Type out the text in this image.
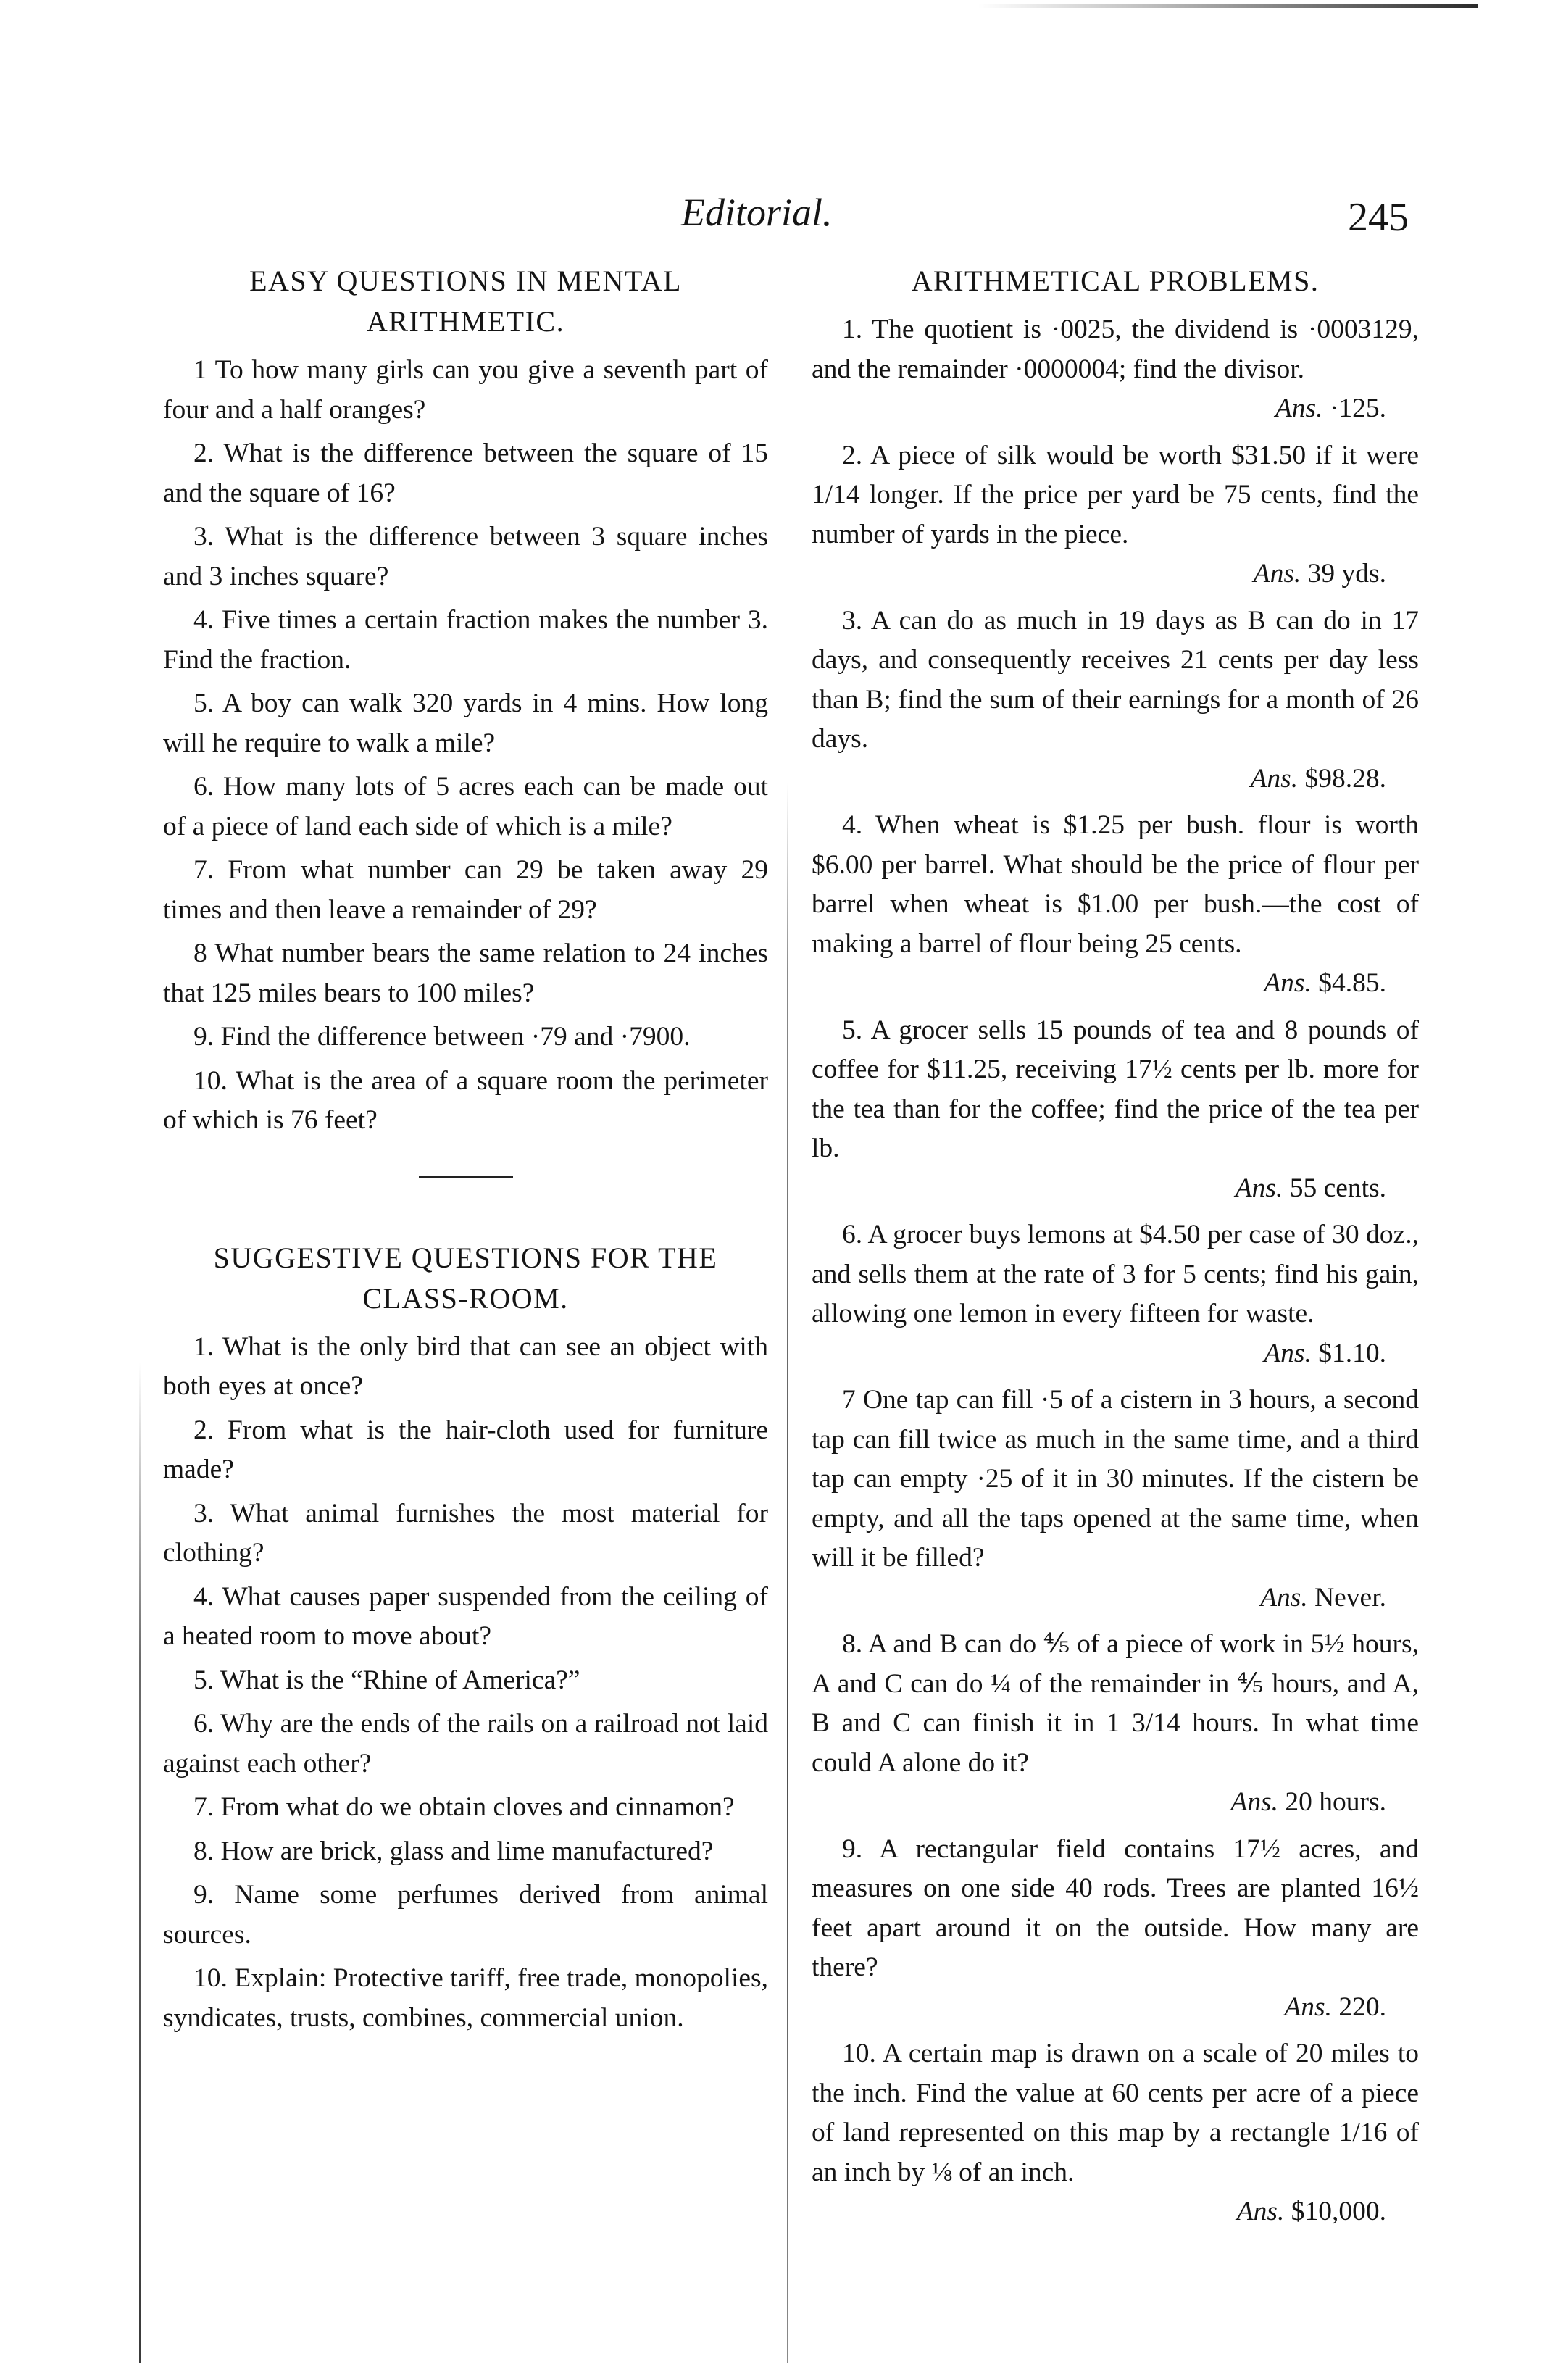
Editorial.	245
EASY QUESTIONS IN MENTAL ARITHMETIC.

1 To how many girls can you give a seventh part of four and a half oranges?

2. What is the difference between the square of 15 and the square of 16?

3. What is the difference between 3 square inches and 3 inches square?

4. Five times a certain fraction makes the number 3. Find the fraction.

5. A boy can walk 320 yards in 4 mins. How long will he require to walk a mile?

6. How many lots of 5 acres each can be made out of a piece of land each side of which is a mile?

7. From what number can 29 be taken away 29 times and then leave a remainder of 29?

8 What number bears the same relation to 24 inches that 125 miles bears to 100 miles?

9. Find the difference between ·79 and ·7900.

10. What is the area of a square room the perimeter of which is 76 feet?

SUGGESTIVE QUESTIONS FOR THE CLASS-ROOM.

1. What is the only bird that can see an object with both eyes at once?

2. From what is the hair-cloth used for furniture made?

3. What animal furnishes the most material for clothing?

4. What causes paper suspended from the ceiling of a heated room to move about?

5. What is the “Rhine of America?”

6. Why are the ends of the rails on a railroad not laid against each other?

7. From what do we obtain cloves and cinnamon?

8. How are brick, glass and lime manufactured?

9. Name some perfumes derived from animal sources.

10. Explain: Protective tariff, free trade, monopolies, syndicates, trusts, combines, commercial union.

ARITHMETICAL PROBLEMS.

1. The quotient is ·0025, the dividend is ·0003129, and the remainder ·0000004; find the divisor.

Ans. ·125.

2. A piece of silk would be worth $31.50 if it were 1/14 longer. If the price per yard be 75 cents, find the number of yards in the piece.

Ans. 39 yds.

3. A can do as much in 19 days as B can do in 17 days, and consequently receives 21 cents per day less than B; find the sum of their earnings for a month of 26 days.

Ans. $98.28.

4. When wheat is $1.25 per bush. flour is worth $6.00 per barrel. What should be the price of flour per barrel when wheat is $1.00 per bush.—the cost of making a barrel of flour being 25 cents.

Ans. $4.85.

5. A grocer sells 15 pounds of tea and 8 pounds of coffee for $11.25, receiving 17½ cents per lb. more for the tea than for the coffee; find the price of the tea per lb.

Ans. 55 cents.

6. A grocer buys lemons at $4.50 per case of 30 doz., and sells them at the rate of 3 for 5 cents; find his gain, allowing one lemon in every fifteen for waste.

Ans. $1.10.

7 One tap can fill ·5 of a cistern in 3 hours, a second tap can fill twice as much in the same time, and a third tap can empty ·25 of it in 30 minutes. If the cistern be empty, and all the taps opened at the same time, when will it be filled?

Ans. Never.

8. A and B can do ⅘ of a piece of work in 5½ hours, A and C can do ¼ of the remainder in ⅘ hours, and A, B and C can finish it in 1 3/14 hours. In what time could A alone do it?

Ans. 20 hours.

9. A rectangular field contains 17½ acres, and measures on one side 40 rods. Trees are planted 16½ feet apart around it on the outside. How many are there?

Ans. 220.

10. A certain map is drawn on a scale of 20 miles to the inch. Find the value at 60 cents per acre of a piece of land represented on this map by a rectangle 1/16 of an inch by ⅛ of an inch.

Ans. $10,000.
